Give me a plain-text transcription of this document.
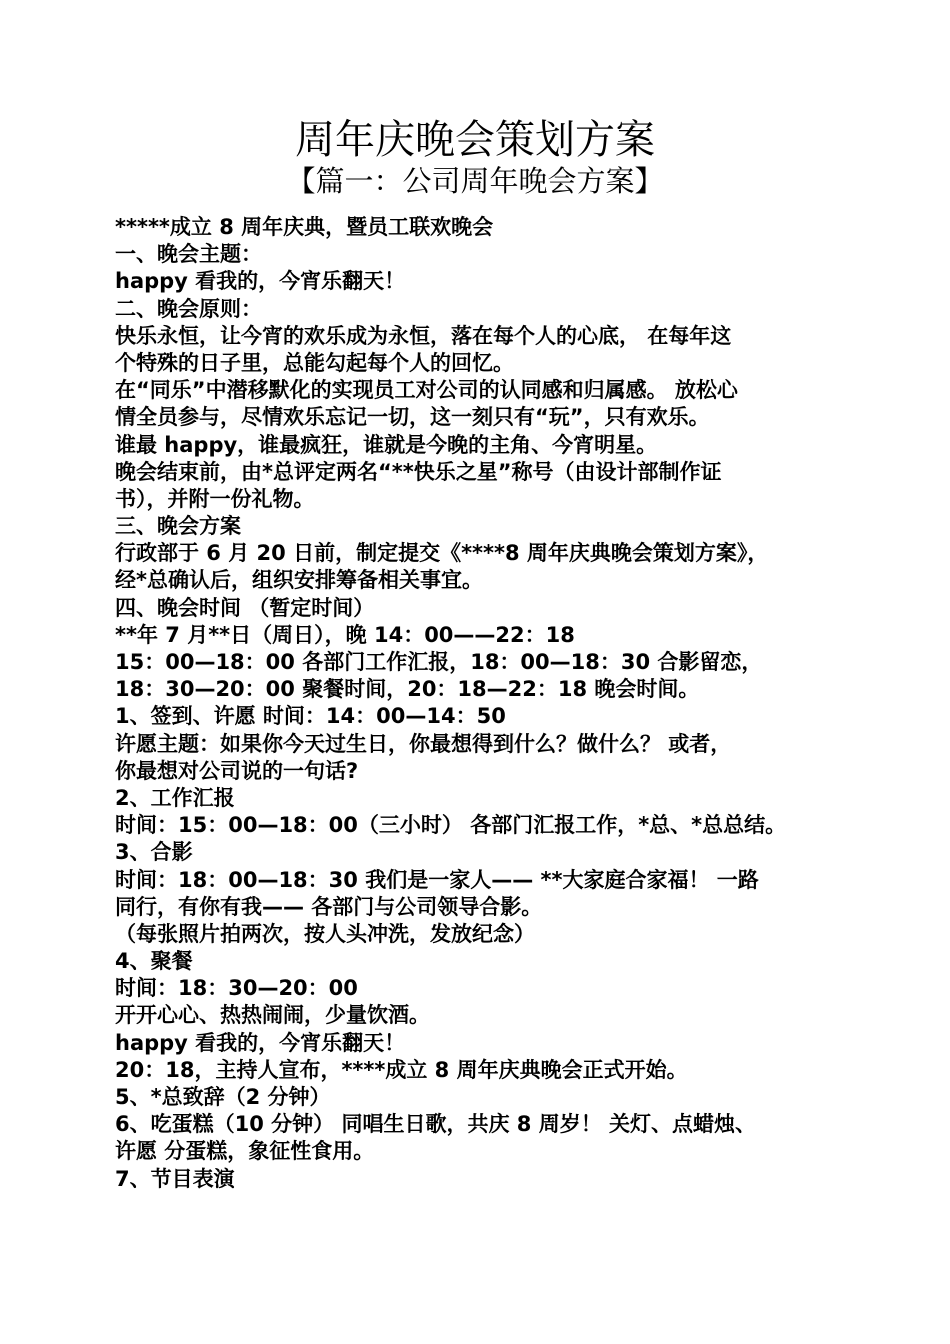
周年庆晚会策划方案
【篇一：公司周年晚会方案】
*****成立 8 周年庆典，暨员工联欢晚会
一、晚会主题：
happy 看我的，今宵乐翻天！
二、晚会原则：
快乐永恒，让今宵的欢乐成为永恒，落在每个人的心底， 在每年这
个特殊的日子里，总能勾起每个人的回忆。
在“同乐”中潜移默化的实现员工对公司的认同感和归属感。 放松心
情全员参与，尽情欢乐忘记一切，这一刻只有“玩”，只有欢乐。
谁最 happy，谁最疯狂，谁就是今晚的主角、今宵明星。
晚会结束前，由*总评定两名“**快乐之星”称号（由设计部制作证
书），并附一份礼物。
三、晚会方案
行政部于 6 月 20 日前，制定提交《****8 周年庆典晚会策划方案》，
经*总确认后，组织安排筹备相关事宜。
四、晚会时间 （暂定时间）
**年 7 月**日（周日），晚 14：00——22：18
15：00—18：00 各部门工作汇报，18：00—18：30 合影留恋，
18：30—20：00 聚餐时间，20：18—22：18 晚会时间。
1、签到、许愿 时间：14：00—14：50
许愿主题：如果你今天过生日，你最想得到什么？做什么？ 或者，
你最想对公司说的一句话?
2、工作汇报
时间：15：00—18：00（三小时） 各部门汇报工作，*总、*总总结。
3、合影
时间：18：00—18：30 我们是一家人—— **大家庭合家福！ 一路
同行，有你有我—— 各部门与公司领导合影。
（每张照片拍两次，按人头冲洗，发放纪念）
4、聚餐
时间：18：30—20：00
开开心心、热热闹闹，少量饮酒。
happy 看我的，今宵乐翻天！
20：18，主持人宣布，****成立 8 周年庆典晚会正式开始。
5、*总致辞（2 分钟）
6、吃蛋糕（10 分钟） 同唱生日歌，共庆 8 周岁！ 关灯、点蜡烛、
许愿 分蛋糕，象征性食用。
7、节目表演
